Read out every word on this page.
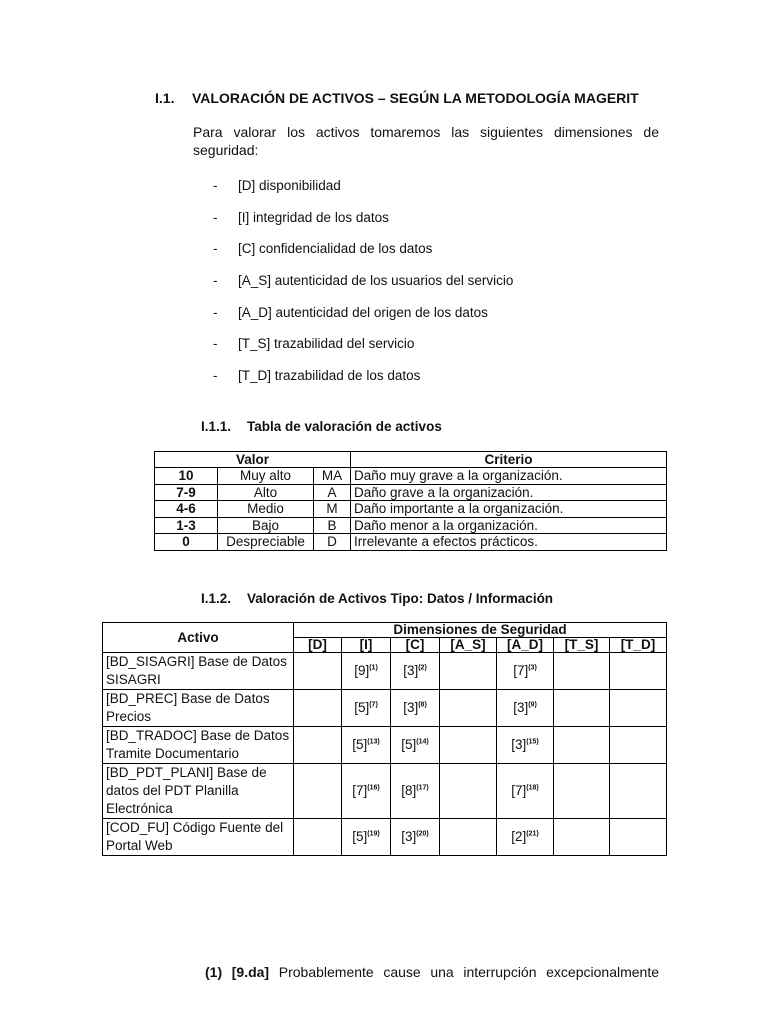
I.1. VALORACIÓN DE ACTIVOS – SEGÚN LA METODOLOGÍA MAGERIT
Para valorar los activos tomaremos las siguientes dimensiones de seguridad:
- [D] disponibilidad
- [I] integridad de los datos
- [C] confidencialidad de los datos
- [A_S] autenticidad de los usuarios del servicio
- [A_D] autenticidad del origen de los datos
- [T_S] trazabilidad del servicio
- [T_D] trazabilidad de los datos
I.1.1. Tabla de valoración de activos
Valor			Criterio
10	Muy alto	MA	Daño muy grave a la organización.
7-9	Alto	A	Daño grave a la organización.
4-6	Medio	M	Daño importante a la organización.
1-3	Bajo	B	Daño menor a la organización.
0	Despreciable	D	Irrelevante a efectos prácticos.
I.1.2. Valoración de Activos Tipo: Datos / Información
Activo	Dimensiones de Seguridad						
	[D]	[I]	[C]	[A_S]	[A_D]	[T_S]	[T_D]
[BD_SISAGRI] Base de Datos SISAGRI		$[9]^{(1)}$	$[3]^{(2)}$		$[7]^{(3)}$		
[BD_PREC] Base de Datos Precios		$[5]^{(7)}$	$[3]^{(8)}$		$[3]^{(9)}$		
[BD_TRADOC] Base de Datos Tramite Documentario		$[5]^{(13)}$	$[5]^{(14)}$		$[3]^{(15)}$		
[BD_PDT_PLANI] Base de datos del PDT Planilla Electrónica		$[7]^{(16)}$	$[8]^{(17)}$		$[7]^{(18)}$		
[COD_FU] Código Fuente del Portal Web		$[5]^{(19)}$	$[3]^{(20)}$		$[2]^{(21)}$		
(1) [9.da] Probablemente cause una interrupción excepcionalmente
